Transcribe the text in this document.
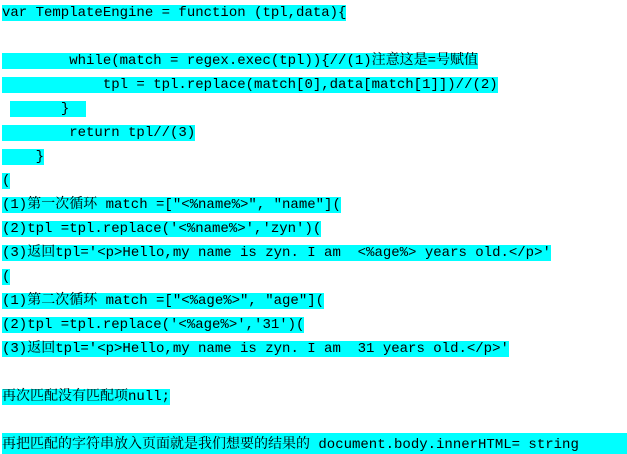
var TemplateEngine = function (tpl,data){
while(match = regex.exec(tpl)){//(1)注意这是=号赋值
tpl = tpl.replace(match[0],data[match[1]])//(2)
}
return tpl//(3)
}
(
(1)第一次循环 match =["<%name%>", "name"](
(2)tpl =tpl.replace('<%name%>','zyn')(
(3)返回tpl='<p>Hello,my name is zyn. I am  <%age%> years old.</p>'
(
(1)第二次循环 match =["<%age%>", "age"](
(2)tpl =tpl.replace('<%age%>','31')(
(3)返回tpl='<p>Hello,my name is zyn. I am  31 years old.</p>'
再次匹配没有匹配项null;
再把匹配的字符串放入页面就是我们想要的结果的 document.body.innerHTML= string
